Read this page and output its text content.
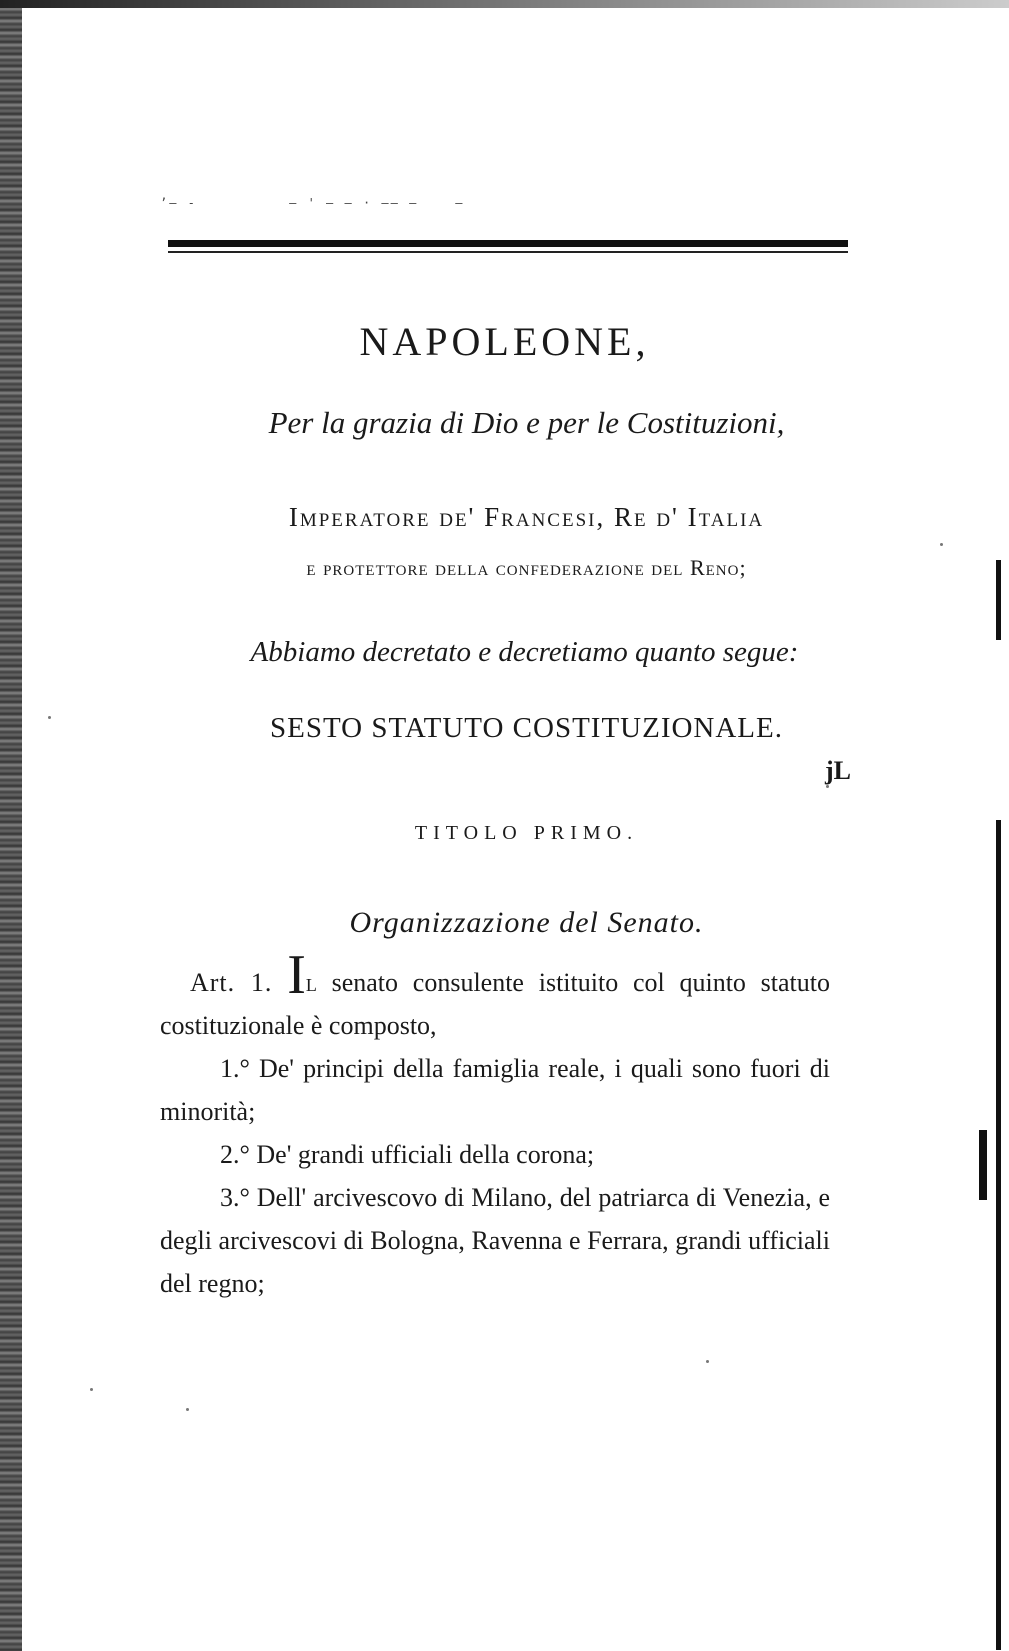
’— -          — ' — — · —— —    —
NAPOLEONE,
Per la grazia di Dio e per le Costituzioni,
Imperatore de' Francesi, Re d' Italia
e protettore della confederazione del Reno;
Abbiamo decretato e decretiamo quanto segue:
SESTO STATUTO COSTITUZIONALE.
jL
TITOLO PRIMO.
Organizzazione del Senato.

Art. 1. Il senato consulente istituito col quinto statuto costituzionale è composto,

1.° De' principi della famiglia reale, i quali sono fuori di minorità;

2.° De' grandi ufficiali della corona;

3.° Dell' arcivescovo di Milano, del patriarca di Venezia, e degli arcivescovi di Bologna, Ravenna e Ferrara, grandi ufficiali del regno;
